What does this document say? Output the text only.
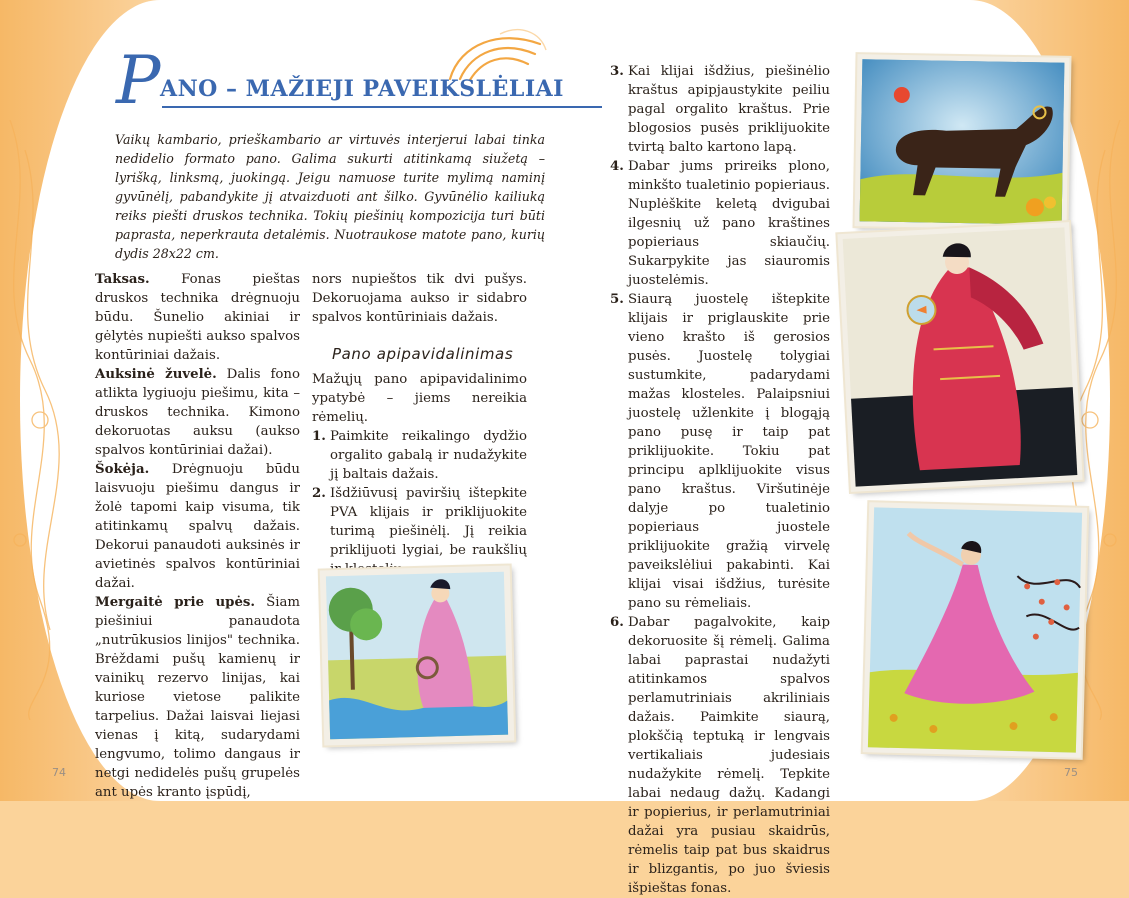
P ANO – MAŽIEJI PAVEIKSLĖLIAI
Vaikų kambario, prieškambario ar virtuvės interjerui labai tinka nedidelio formato pano. Galima sukurti atitinkamą siužetą – lyrišką, linksmą, juokingą. Jeigu namuose turite mylimą naminį gyvūnėlį, pabandykite jį atvaizduoti ant šilko. Gyvūnėlio kailiuką reiks piešti druskos technika. Tokių piešinių kompozicija turi būti paprasta, neperkrauta detalėmis. Nuotraukose matote pano, kurių dydis 28x22 cm.

Taksas. Fonas pieštas druskos technika drėgnuoju būdu. Šunelio akiniai ir gėlytės nupiešti aukso spalvos kontūriniai dažais.

Auksinė žuvelė. Dalis fono atlikta lygiuoju piešimu, kita – druskos technika. Kimono dekoruotas auksu (aukso spalvos kontūriniai dažai).

Šokėja. Drėgnuoju būdu laisvuoju piešimu dangus ir žolė tapomi kaip visuma, tik atitinkamų spalvų dažais. Dekorui panaudoti auksinės ir avietinės spalvos kontūriniai dažai.

Mergaitė prie upės. Šiam piešiniui panaudota „nutrūkusios linijos" technika. Brėždami pušų kamienų ir vainikų rezervo linijas, kai kuriose vietose palikite tarpelius. Dažai laisvai liejasi vienas į kitą, sudarydami lengvumo, tolimo dangaus ir netgi nedidelės pušų grupelės ant upės kranto įspūdį,

nors nupieštos tik dvi pušys. Dekoruojama aukso ir sidabro spalvos kontūriniais dažais.

Pano apipavidalinimas

Mažųjų pano apipavidalinimo ypatybė – jiems nereikia rėmelių.

1. Paimkite reikalingo dydžio orgalito gabalą ir nudažykite jį baltais dažais.
2. Išdžiūvusį paviršių ištepkite PVA klijais ir priklijuokite turimą piešinėlį. Jį reikia priklijuoti lygiai, be raukšlių
3. Kai klijai išdžius, piešinėlio kraštus apipjaustykite peiliu pagal orgalito kraštus. Prie blogosios pusės priklijuokite tvirtą balto kartono lapą.
4. Dabar jums prireiks plono, minkšto tualetinio popieriaus. Nuplėškite keletą dvigubai ilgesnių už pano kraštines popieriaus skiaučių. Sukarpykite jas siauromis juostelėmis.
5. Siaurą juostelę ištepkite klijais ir priglauskite prie vieno krašto iš gerosios pusės. Juostelę tolygiai sustumkite, padarydami mažas klosteles. Palaipsniui juostelę užlenkite į blogąją pano pusę ir taip pat priklijuokite. Tokiu pat principu aplklijuokite visus pano kraštus. Viršutinėje dalyje po tualetinio popieriaus juostele priklijuokite gražią virvelę paveikslėliui pakabinti. Kai klijai visai išdžius, turėsite pano su rėmeliais.
6. Dabar pagalvokite, kaip dekoruosite šį rėmelį. Galima labai paprastai nudažyti atitinkamos spalvos perlamutriniais akriliniais dažais. Paimkite siaurą, plokščią teptuką ir lengvais vertikaliais judesiais nudažykite rėmelį. Tepkite labai nedaug dažų. Kadangi ir popierius, ir perlamutriniai dažai yra pusiau skaidrūs, rėmelis taip pat bus skaidrus ir blizgantis, po juo šviesis išpieštas fonas.
74	75
